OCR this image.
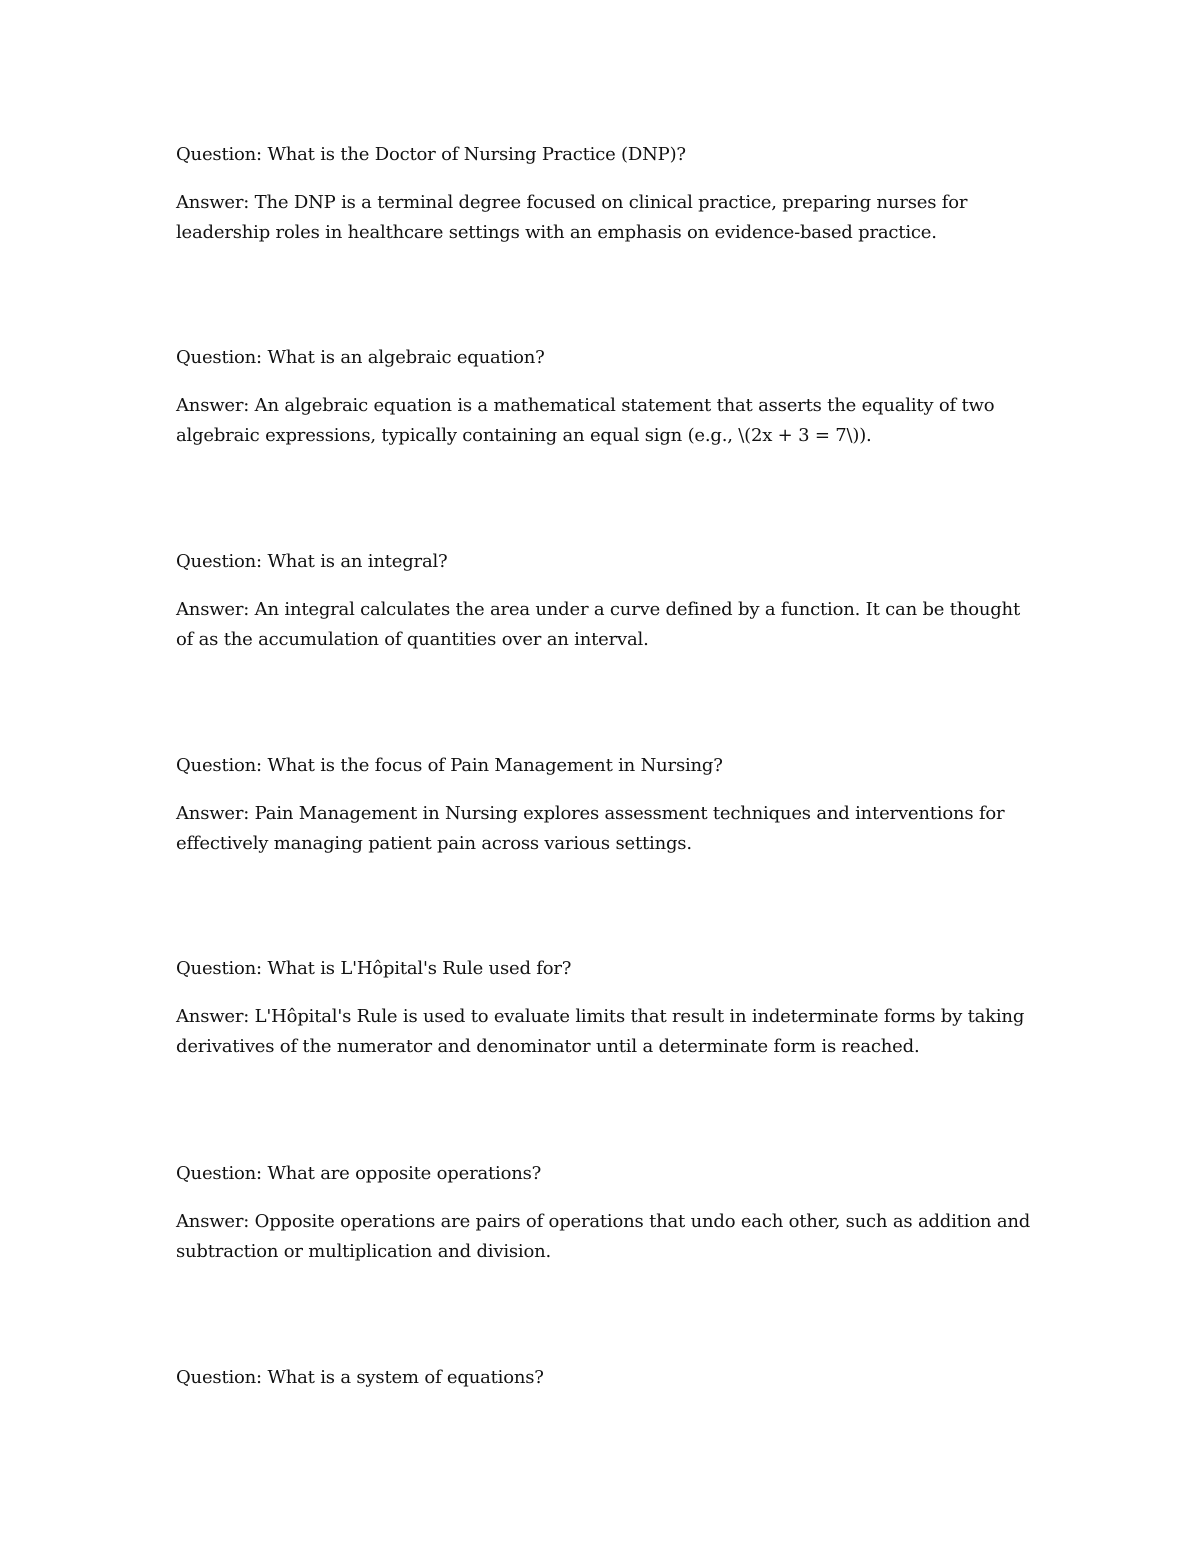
Question: What is the Doctor of Nursing Practice (DNP)?

Answer: The DNP is a terminal degree focused on clinical practice, preparing nurses for leadership roles in healthcare settings with an emphasis on evidence-based practice.

Question: What is an algebraic equation?

Answer: An algebraic equation is a mathematical statement that asserts the equality of two algebraic expressions, typically containing an equal sign (e.g., \(2x + 3 = 7\)).

Question: What is an integral?

Answer: An integral calculates the area under a curve defined by a function. It can be thought of as the accumulation of quantities over an interval.

Question: What is the focus of Pain Management in Nursing?

Answer: Pain Management in Nursing explores assessment techniques and interventions for effectively managing patient pain across various settings.

Question: What is L'Hôpital's Rule used for?

Answer: L'Hôpital's Rule is used to evaluate limits that result in indeterminate forms by taking derivatives of the numerator and denominator until a determinate form is reached.

Question: What are opposite operations?

Answer: Opposite operations are pairs of operations that undo each other, such as addition and subtraction or multiplication and division.

Question: What is a system of equations?
